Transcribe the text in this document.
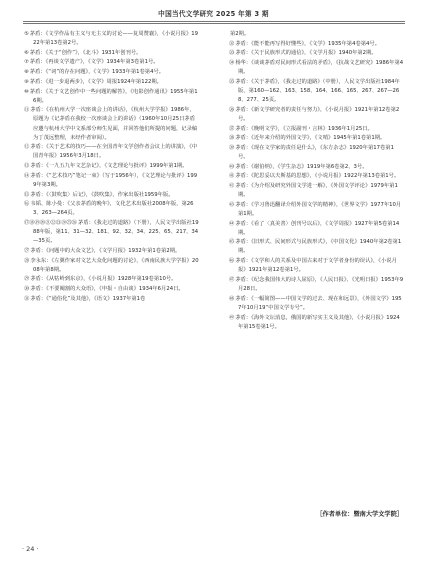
中国当代文学研究 2025 年第 3 期

⑤茅盾：《文学作品有主义与无主义的讨论——复周赞襄》，《小说月报》1922年第13卷第2号。

⑥茅盾：《关于“创作”》，《北斗》1931年创刊号。

⑦茅盾：《再谈文学遗产》，《文学》1934年第3卷第1号。

⑧茅盾：《“词”的存在问题》，《文学》1933年第1卷第4号。

⑨茅盾：《进一步退两步》，《文学》周报1924年第122期。

⑩茅盾：《关于文艺创作中一些问题的解答》，《电影创作通讯》1955年第16期。

⑪茅盾：《在杭州大学一次座谈会上的讲话》，《杭州大学学报》1986年，原题为《记茅盾在我校一次座谈会上的讲话》（1960年10月25日茅盾应邀与杭州大学中文系部分师生见面，并回答他们所提的问题，记录稿为丁茂远整理，未经作者审阅）。

⑫茅盾：《关于艺术的技巧——在全国青年文学创作者会议上的讲演》，《中国青年报》1956年3月18日。

⑬茅盾：《一九五九年文艺杂记》，《文艺理论与批评》1999年第1期。

⑭茅盾：《“艺术技巧”笔记一束》（写于1956年），《文艺理论与批评》1999年第3期。

⑮茅盾：《〈鼓吹集〉后记》，《鼓吹集》，作家出版社1959年版。

⑯韦韬、陈小曼：《父亲茅盾的晚年》，文化艺术出版社2008年版，第263、263—264页。

⑰⑱⑲⑳㉑㉒㉓㉔㉕㉖茅盾：《我走过的道路》（下册），人民文学出版社1988年版，第11、31—32、181、92、32、34、225、65、217、34—35页。

㉗茅盾：《问题中的大众文艺》，《文学月报》1932年第1卷第2期。

㉘李永东：《左翼作家对文艺大众化问题的讨论》，《西南民族大学学报》2008年第8期。

㉙茅盾：《从牯岭到东京》，《小说月报》1928年第19卷第10号。

㉚茅盾：《不要阉割的大众语》，《申报・自由谈》1934年6月24日。

㉛茅盾：《“通俗化”及其他》，《语文》1937年第1卷

第2期。

㉜茅盾：《能不能再写得好懂些》，《文学》1935年第4卷第4号。

㉝茅盾：《关于民族形式的通信》，《文学月报》1940年第2期。

㉞杨华：《谈谈茅盾对民间形式看法的矛盾》，《抗战文艺研究》1986年第4期。

㉟茅盾：《关于茅盾》，《我走过的道路》（中册），人民文学出版社1984年版，第160—162、163、158、164、166、165、267、267—268、277、25页。

㊱茅盾：《新文学研究者的责任与努力》，《小说月报》1921年第12卷第2号。

㊲茅盾：《晚明文学》，《立报副刊・言林》1936年1月25日。

㊳茅盾：《近年来介绍的外国文学》，《文哨》1945年第1卷第1期。

㊴茅盾：《现在文学家的责任是什么》，《东方杂志》1920年第17卷第1号。

㊵茅盾：《谢伯纳》，《学生杂志》1919年第6卷第2、3号。

㊶茅盾：《陀思妥以夫斯基的思想》，《小说月报》1922年第13卷第1号。

㊷茅盾：《为介绍及研究外国文学进一解》，《外国文学评论》1979年第1期。

㊸茅盾：《学习鲁迅翻译介绍外国文学的精神》，《世界文学》1977年10月第1期。

㊹茅盾：《看了〈真美善〉创刊号以后》，《文学周报》1927年第5卷第14期。

㊺茅盾：《旧形式、民间形式与民族形式》，《中国文化》1940年第2卷第1期。

㊻茅盾：《文学和人的关系及中国古来对于文学者身份的误认》，《小说月报》1921年第12卷第1号。

㊼茅盾：《纪念我国伟大的诗人屈原》，《人民日报》、《光明日报》1953年9月28日。

㊽茅盾：《一幅简图——中国文学的过去、现在和远景》，《外国文学》1957年10月19“中国文学专号”。

㊾茅盾：《海外文坛消息，俄国的新写实主义及其他》，《小说月报》1924年第15卷第1号。

［作者单位：暨南大学文学院］
· 24 ·
